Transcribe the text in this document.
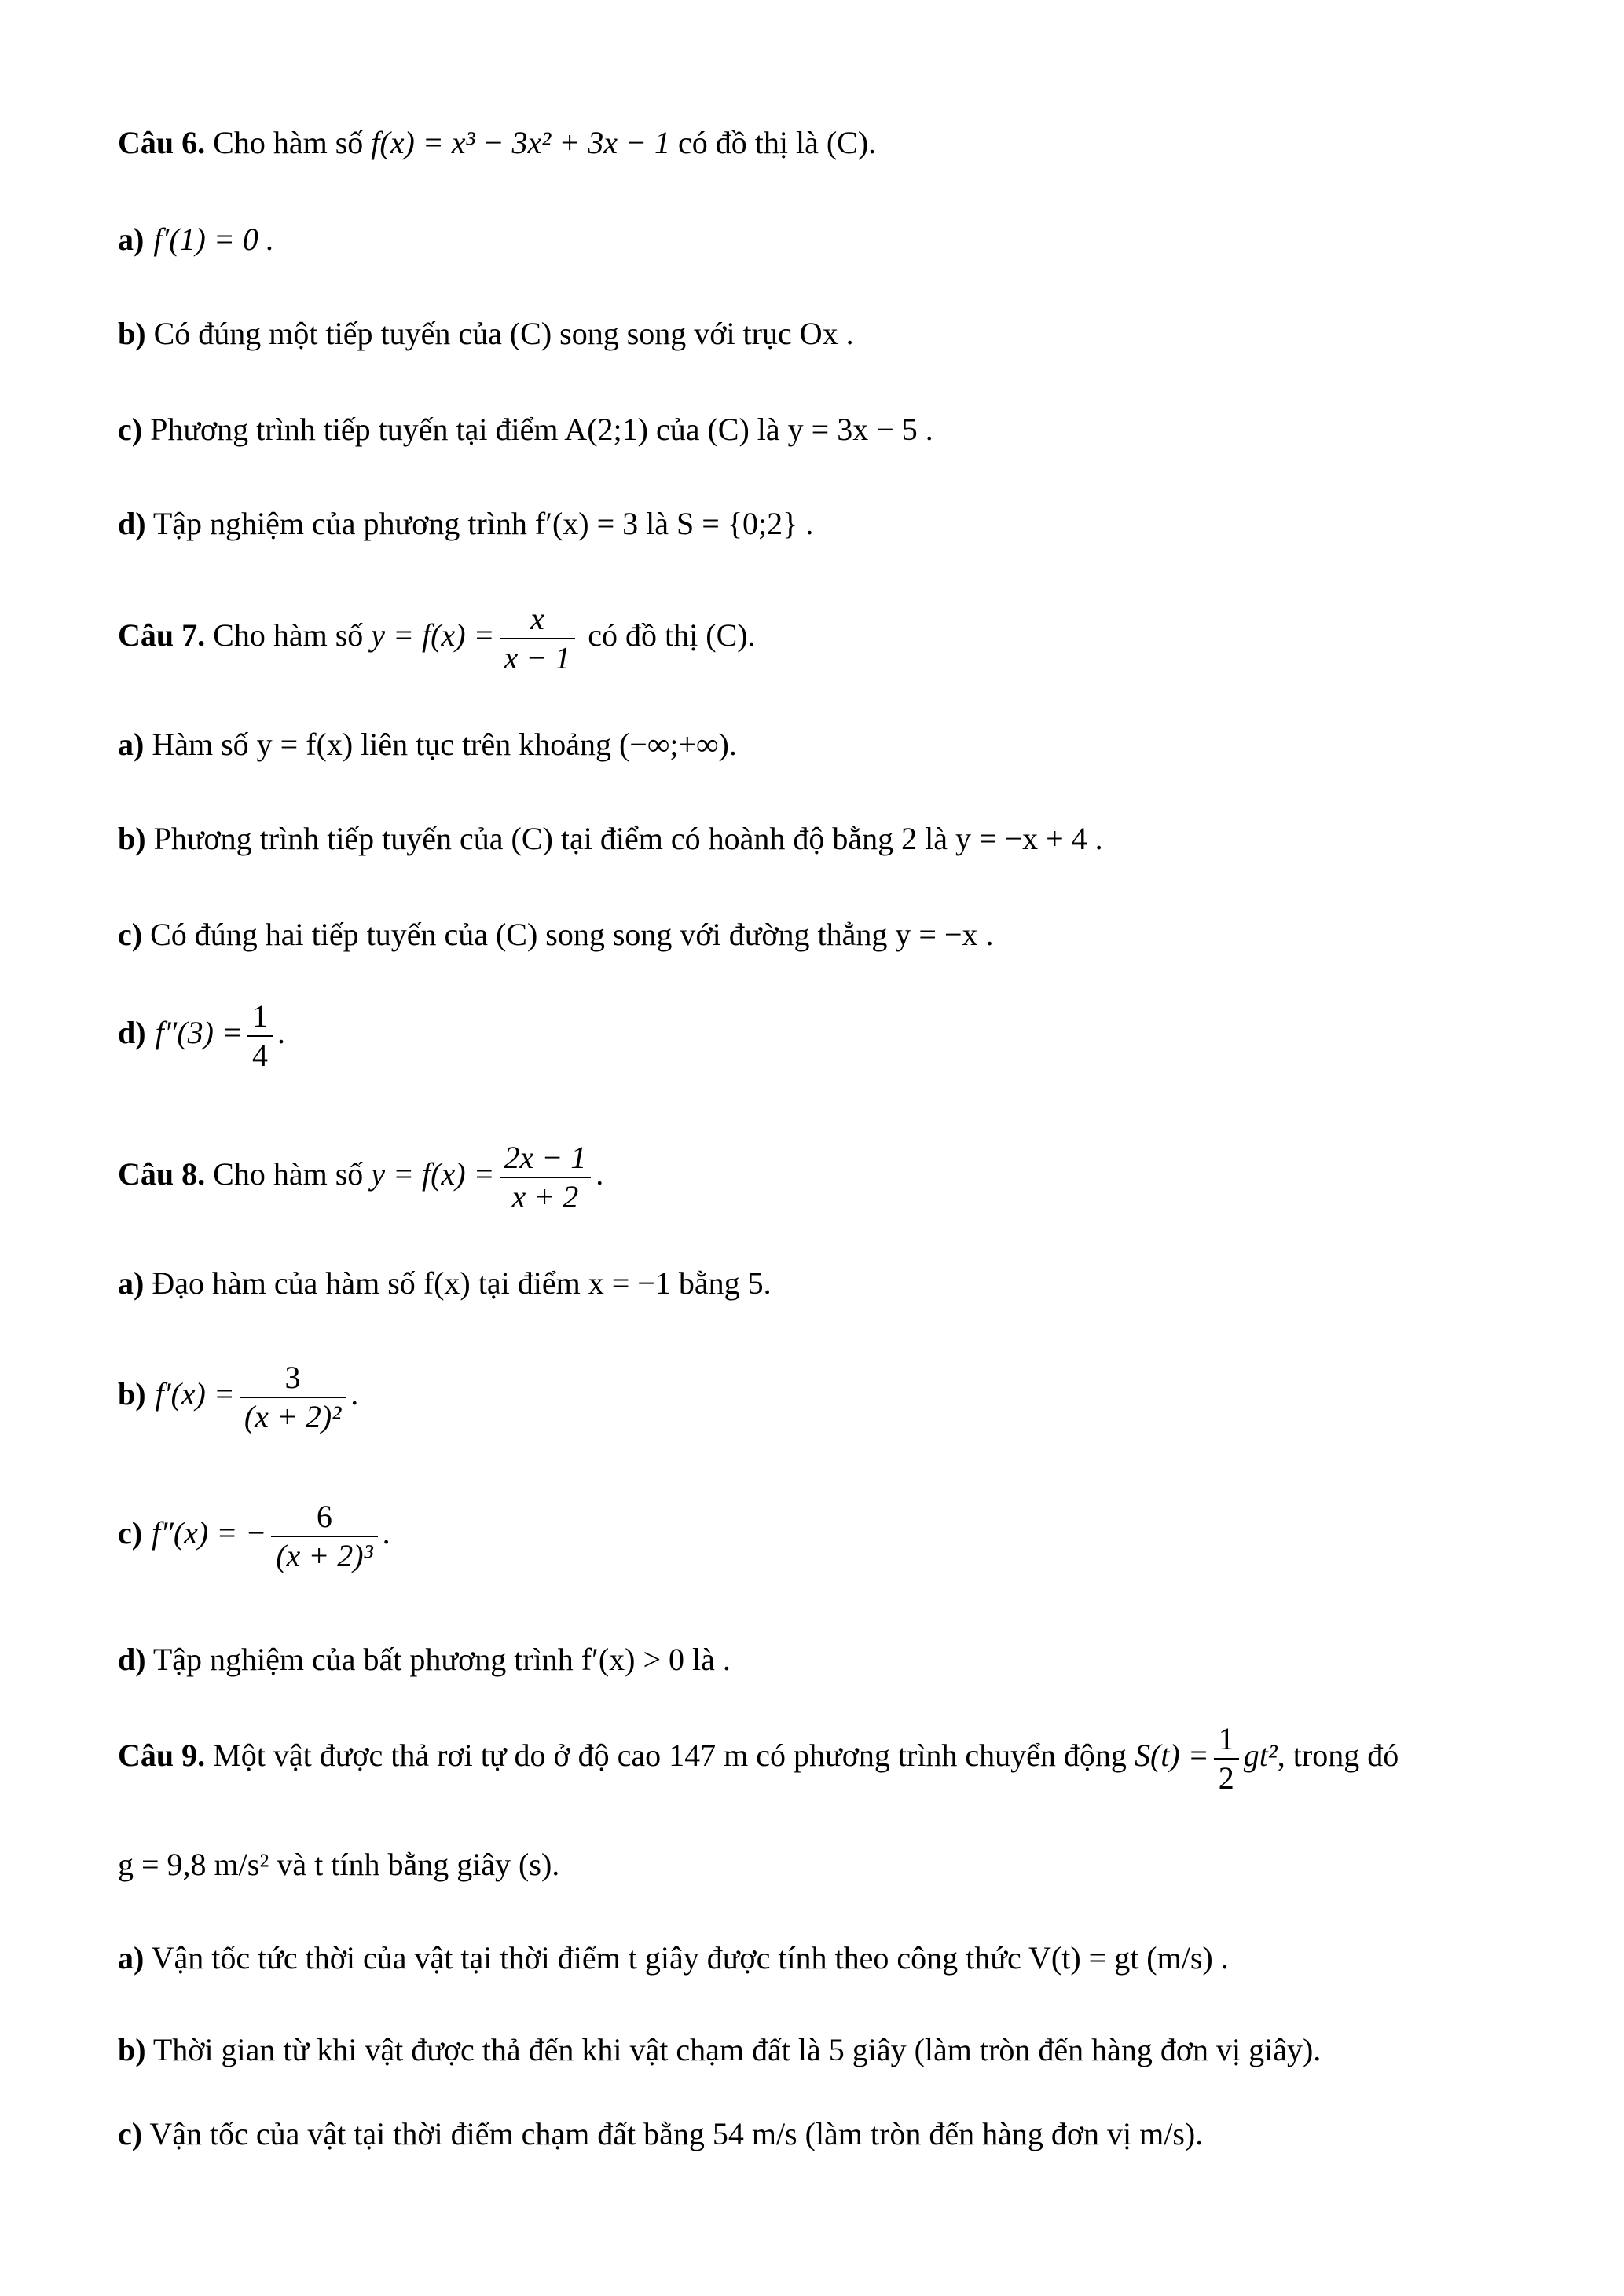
Câu 6. Cho hàm số f(x) = x³ − 3x² + 3x − 1 có đồ thị là (C).
a) f′(1) = 0 .
b) Có đúng một tiếp tuyến của (C) song song với trục Ox .
c) Phương trình tiếp tuyến tại điểm A(2;1) của (C) là y = 3x − 5 .
d) Tập nghiệm của phương trình f′(x) = 3 là S = {0;2} .
Câu 7. Cho hàm số $y = f(x) = \frac{x}{x - 1}$ có đồ thị (C).
a) Hàm số y = f(x) liên tục trên khoảng (−∞;+∞).
b) Phương trình tiếp tuyến của (C) tại điểm có hoành độ bằng 2 là y = −x + 4 .
c) Có đúng hai tiếp tuyến của (C) song song với đường thẳng y = −x .
d) $f''(3) = \frac{1}{4}$ .
Câu 8. Cho hàm số $y = f(x) = \frac{2x - 1}{x + 2}$ .
a) Đạo hàm của hàm số f(x) tại điểm x = −1 bằng 5.
b) $f'(x) = \frac{3}{\text{(x + 2)²}}$ .
c) f″(x) = − $\frac{6}{\text{(x + 2)³}}$ .
d) Tập nghiệm của bất phương trình f′(x) > 0 là .
Câu 9. Một vật được thả rơi tự do ở độ cao 147 m có phương trình chuyển động $S(t) = \frac{1}{2} gt^2$, trong đó
g = 9,8 m/s² và t tính bằng giây (s).
a) Vận tốc tức thời của vật tại thời điểm t giây được tính theo công thức V(t) = gt (m/s) .
b) Thời gian từ khi vật được thả đến khi vật chạm đất là 5 giây (làm tròn đến hàng đơn vị giây).
c) Vận tốc của vật tại thời điểm chạm đất bằng 54 m/s (làm tròn đến hàng đơn vị m/s).
